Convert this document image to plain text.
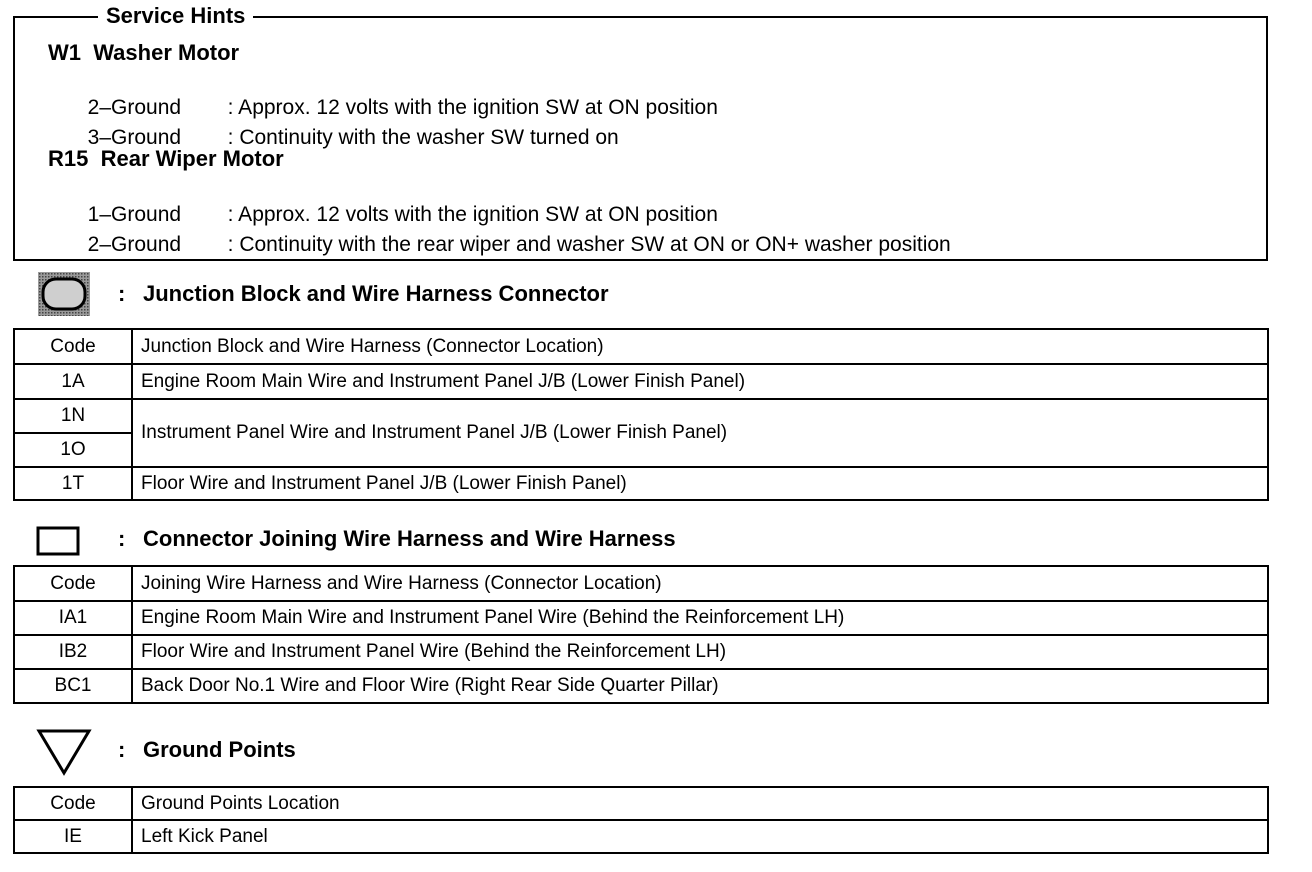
Service Hints
W1 Washer Motor

2–Ground : Approx. 12 volts with the ignition SW at ON position

3–Ground : Continuity with the washer SW turned on

R15 Rear Wiper Motor

1–Ground : Approx. 12 volts with the ignition SW at ON position

2–Ground : Continuity with the rear wiper and washer SW at ON or ON+ washer position

: Junction Block and Wire Harness Connector
Code	Junction Block and Wire Harness (Connector Location)
1A	Engine Room Main Wire and Instrument Panel J/B (Lower Finish Panel)
1N	Instrument Panel Wire and Instrument Panel J/B (Lower Finish Panel)
1O	
1T	Floor Wire and Instrument Panel J/B (Lower Finish Panel)
: Connector Joining Wire Harness and Wire Harness
Code	Joining Wire Harness and Wire Harness (Connector Location)
IA1	Engine Room Main Wire and Instrument Panel Wire (Behind the Reinforcement LH)
IB2	Floor Wire and Instrument Panel Wire (Behind the Reinforcement LH)
BC1	Back Door No.1 Wire and Floor Wire (Right Rear Side Quarter Pillar)
: Ground Points
Code	Ground Points Location
IE	Left Kick Panel
